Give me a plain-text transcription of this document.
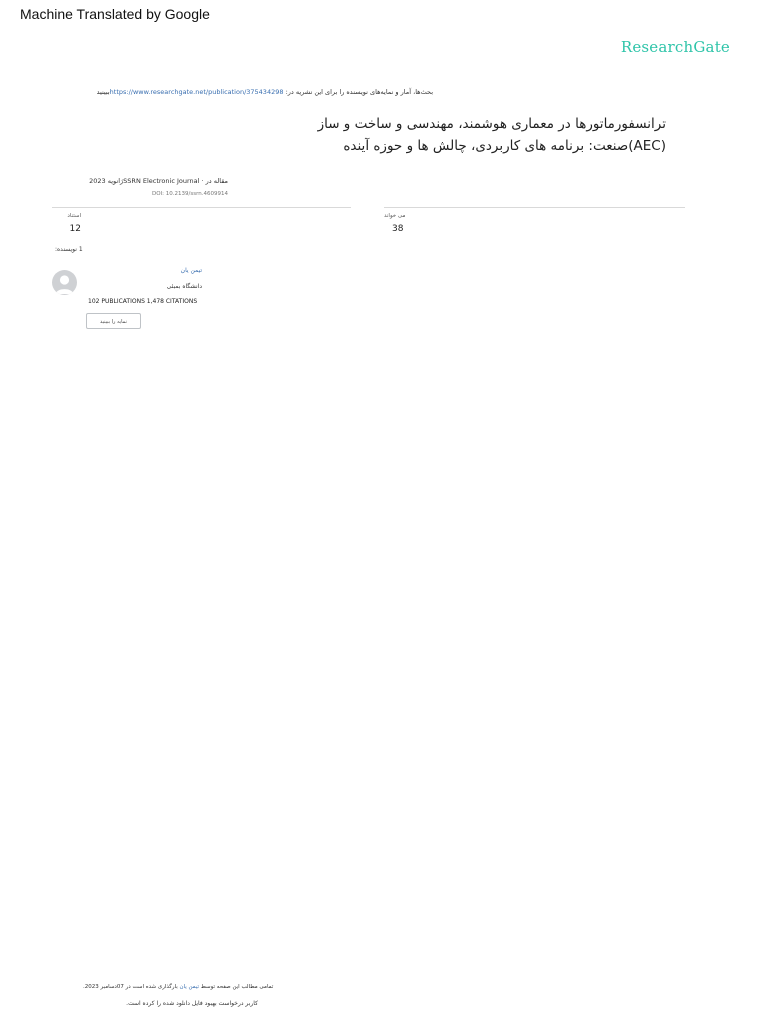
Machine Translated by Google
ResearchGate
بحث‌ها، آمار و نمایه‌های نویسنده را برای این نشریه در: https://www.researchgate.net/publication/375434298ببینید
ترانسفورماتورها در معماری هوشمند، مهندسی و ساخت و ساز
(AEC)صنعت: برنامه های کاربردی، چالش ها و حوزه آینده
مقاله در · SSRN Electronic Journalژانویه 2023
DOI: 10.2139/ssrn.4609914
استناد
12
می خواند
38
1 نویسنده:
تیمن یان
دانشگاه بمبئی
102 PUBLICATIONS 1,478 CITATIONS
نمایه را ببینید
تمامی مطالب این صفحه توسط تیمن یان بارگذاری شده است در 07دسامبر 2023.
کاربر درخواست بهبود فایل دانلود شده را کرده است.
